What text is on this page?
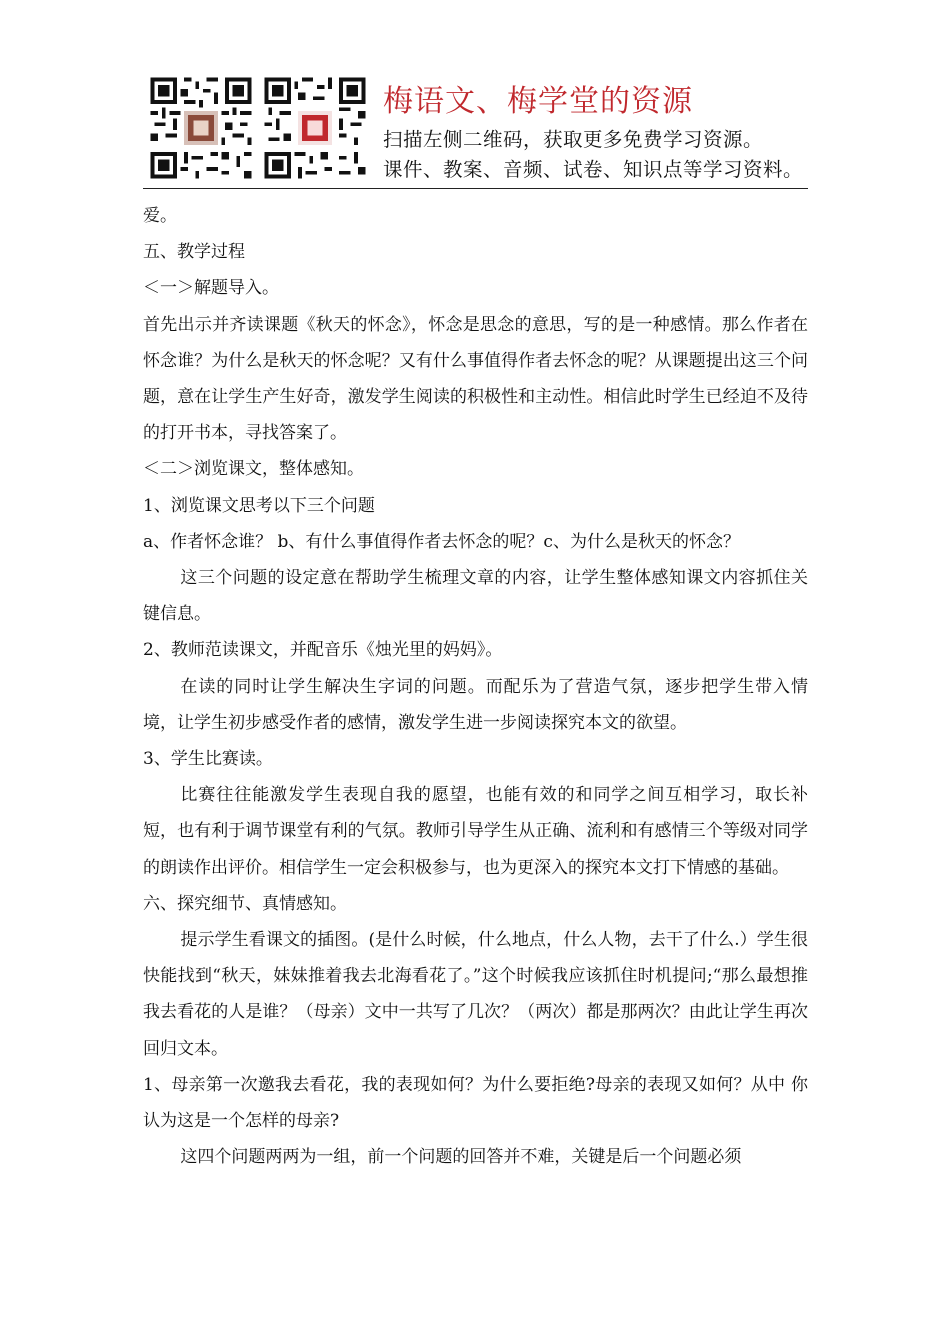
梅语文、梅学堂的资源
扫描左侧二维码，获取更多免费学习资源。
课件、教案、音频、试卷、知识点等学习资料。

爱。

五、教学过程

＜一＞解题导入。

首先出示并齐读课题《秋天的怀念》，怀念是思念的意思，写的是一种感情。那么作者在怀念谁？为什么是秋天的怀念呢？又有什么事值得作者去怀念的呢？从课题提出这三个问题，意在让学生产生好奇，激发学生阅读的积极性和主动性。相信此时学生已经迫不及待的打开书本，寻找答案了。

＜二＞浏览课文，整体感知。

1、浏览课文思考以下三个问题

a、作者怀念谁？ b、有什么事值得作者去怀念的呢？c、为什么是秋天的怀念？

这三个问题的设定意在帮助学生梳理文章的内容，让学生整体感知课文内容抓住关键信息。

2、教师范读课文，并配音乐《烛光里的妈妈》。

在读的同时让学生解决生字词的问题。而配乐为了营造气氛，逐步把学生带入情境，让学生初步感受作者的感情，激发学生进一步阅读探究本文的欲望。

3、学生比赛读。

比赛往往能激发学生表现自我的愿望，也能有效的和同学之间互相学习，取长补短，也有利于调节课堂有利的气氛。教师引导学生从正确、流利和有感情三个等级对同学的朗读作出评价。相信学生一定会积极参与，也为更深入的探究本文打下情感的基础。

六、探究细节、真情感知。

提示学生看课文的插图。(是什么时候，什么地点，什么人物，去干了什么.）学生很快能找到“秋天，妹妹推着我去北海看花了。”这个时候我应该抓住时机提问;“那么最想推我去看花的人是谁？（母亲）文中一共写了几次？（两次）都是那两次？由此让学生再次回归文本。

1、母亲第一次邀我去看花，我的表现如何？为什么要拒绝?母亲的表现又如何？从中 你认为这是一个怎样的母亲?

这四个问题两两为一组，前一个问题的回答并不难，关键是后一个问题必须
